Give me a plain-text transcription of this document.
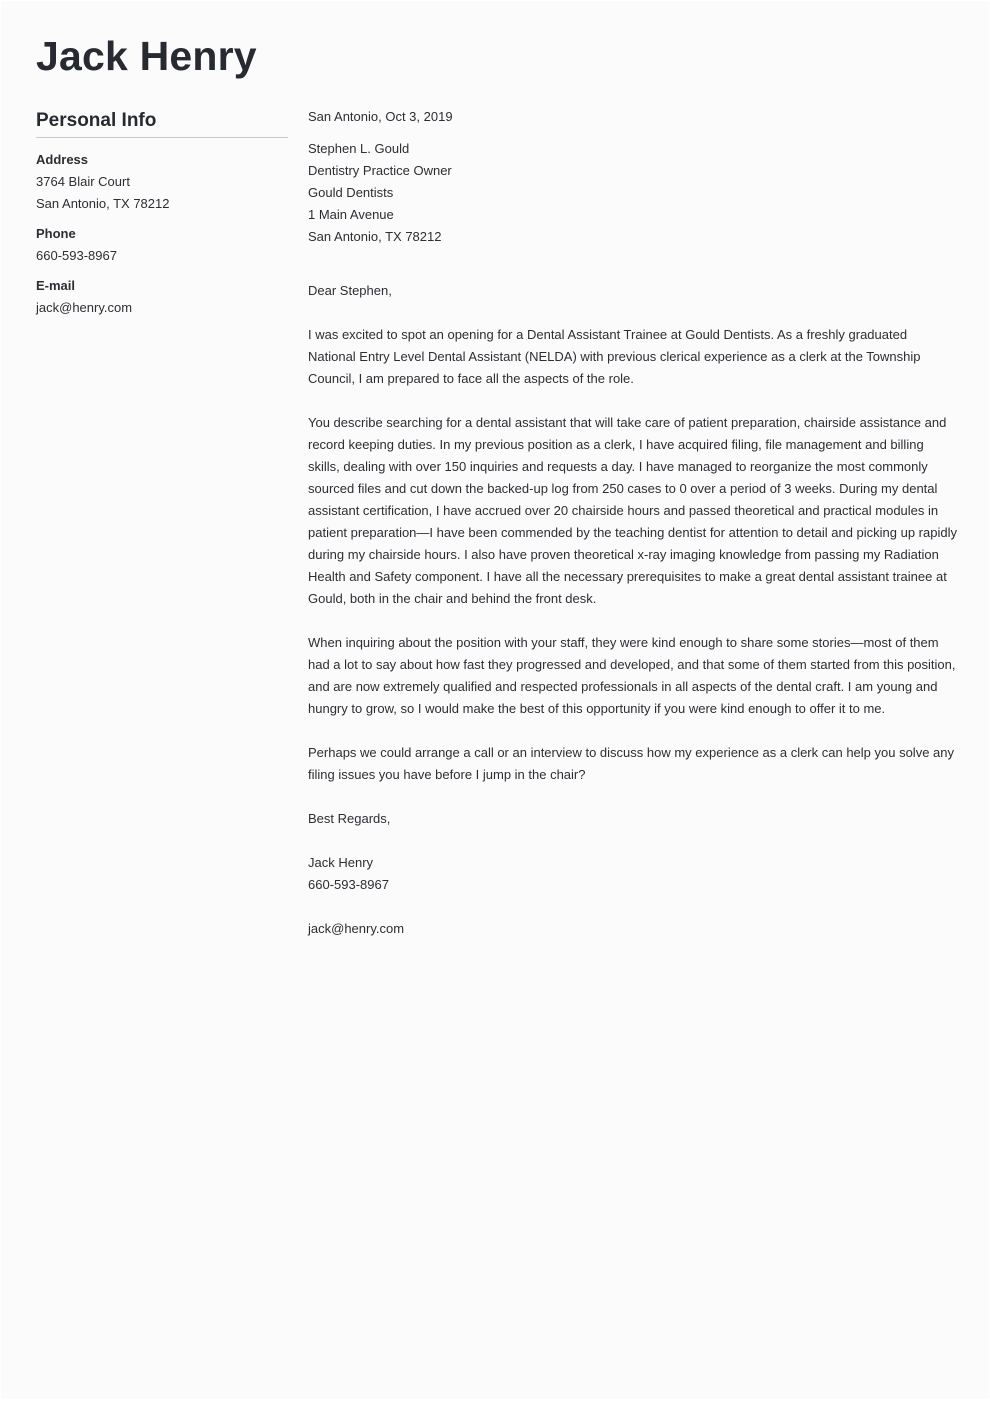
Jack Henry
Personal Info
Address
3764 Blair Court
San Antonio, TX 78212
Phone
660-593-8967
E-mail
jack@henry.com

San Antonio, Oct 3, 2019

Stephen L. Gould

Dentistry Practice Owner

Gould Dentists

1 Main Avenue

San Antonio, TX 78212

Dear Stephen,

I was excited to spot an opening for a Dental Assistant Trainee at Gould Dentists. As a freshly graduated National Entry Level Dental Assistant (NELDA) with previous clerical experience as a clerk at the Township Council, I am prepared to face all the aspects of the role.

You describe searching for a dental assistant that will take care of patient preparation, chairside assistance and record keeping duties. In my previous position as a clerk, I have acquired filing, file management and billing skills, dealing with over 150 inquiries and requests a day. I have managed to reorganize the most commonly sourced files and cut down the backed-up log from 250 cases to 0 over a period of 3 weeks. During my dental assistant certification, I have accrued over 20 chairside hours and passed theoretical and practical modules in patient preparation—I have been commended by the teaching dentist for attention to detail and picking up rapidly during my chairside hours. I also have proven theoretical x-ray imaging knowledge from passing my Radiation Health and Safety component. I have all the necessary prerequisites to make a great dental assistant trainee at Gould, both in the chair and behind the front desk.

When inquiring about the position with your staff, they were kind enough to share some stories—most of them had a lot to say about how fast they progressed and developed, and that some of them started from this position, and are now extremely qualified and respected professionals in all aspects of the dental craft. I am young and hungry to grow, so I would make the best of this opportunity if you were kind enough to offer it to me.

Perhaps we could arrange a call or an interview to discuss how my experience as a clerk can help you solve any filing issues you have before I jump in the chair?

Best Regards,

Jack Henry

660-593-8967

jack@henry.com
